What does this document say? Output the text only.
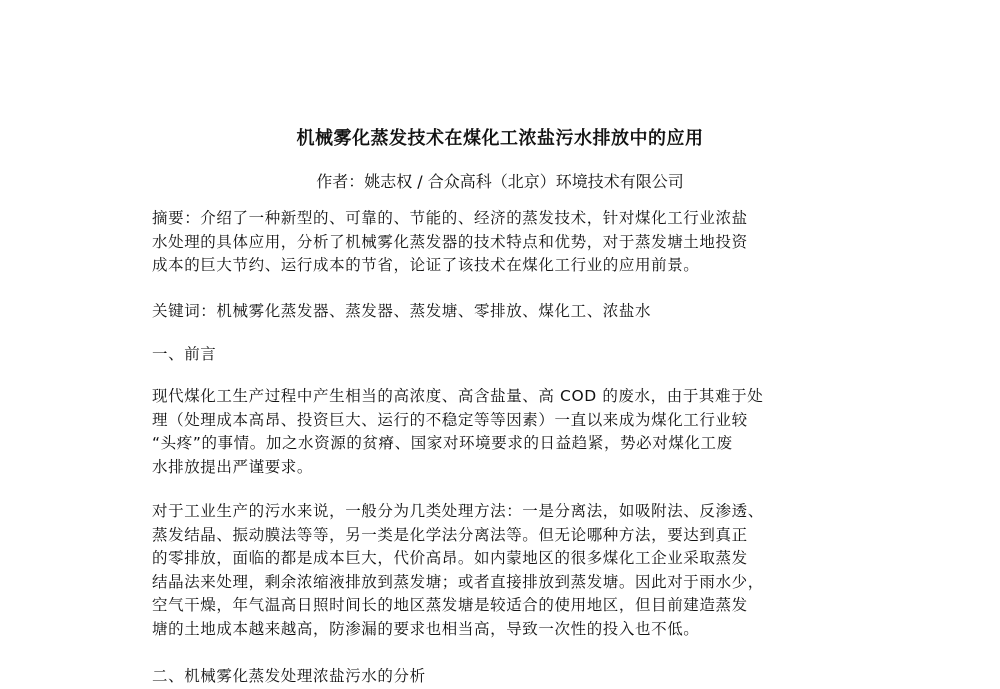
机械雾化蒸发技术在煤化工浓盐污水排放中的应用
作者：姚志权 / 合众高科（北京）环境技术有限公司
摘要：介绍了一种新型的、可靠的、节能的、经济的蒸发技术，针对煤化工行业浓盐
水处理的具体应用，分析了机械雾化蒸发器的技术特点和优势，对于蒸发塘土地投资
成本的巨大节约、运行成本的节省，论证了该技术在煤化工行业的应用前景。
关键词：机械雾化蒸发器、蒸发器、蒸发塘、零排放、煤化工、浓盐水
一、前言
现代煤化工生产过程中产生相当的高浓度、高含盐量、高 COD 的废水，由于其难于处
理（处理成本高昂、投资巨大、运行的不稳定等等因素）一直以来成为煤化工行业较
“头疼”的事情。加之水资源的贫瘠、国家对环境要求的日益趋紧，势必对煤化工废
水排放提出严谨要求。
对于工业生产的污水来说，一般分为几类处理方法：一是分离法，如吸附法、反渗透、
蒸发结晶、振动膜法等等，另一类是化学法分离法等。但无论哪种方法，要达到真正
的零排放，面临的都是成本巨大，代价高昂。如内蒙地区的很多煤化工企业采取蒸发
结晶法来处理，剩余浓缩液排放到蒸发塘；或者直接排放到蒸发塘。因此对于雨水少，
空气干燥，年气温高日照时间长的地区蒸发塘是较适合的使用地区，但目前建造蒸发
塘的土地成本越来越高，防渗漏的要求也相当高，导致一次性的投入也不低。
二、机械雾化蒸发处理浓盐污水的分析
